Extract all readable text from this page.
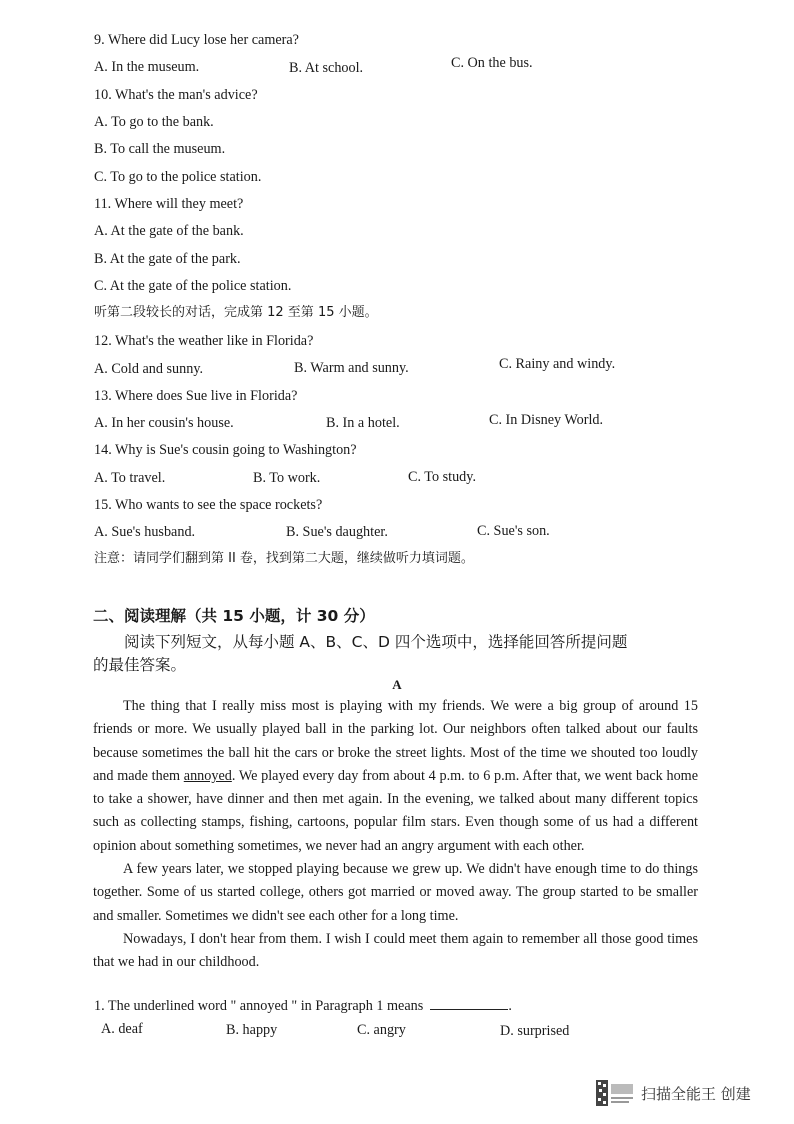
9. Where did Lucy lose her camera?
A. In the museum.	B. At school.	C. On the bus.
10. What's the man's advice?
A. To go to the bank.
B. To call the museum.
C. To go to the police station.
11. Where will they meet?
A. At the gate of the bank.
B. At the gate of the park.
C. At the gate of the police station.
听第二段较长的对话，完成第 12 至第 15 小题。
12. What's the weather like in Florida?
A. Cold and sunny.	B. Warm and sunny.	C. Rainy and windy.
13. Where does Sue live in Florida?
A. In her cousin's house.	B. In a hotel.	C. In Disney World.
14. Why is Sue's cousin going to Washington?
A. To travel.	B. To work.	C. To study.
15. Who wants to see the space rockets?
A. Sue's husband.	B. Sue's daughter.	C. Sue's son.
注意：请同学们翻到第 II 卷，找到第二大题，继续做听力填词题。
二、阅读理解（共 15 小题，计 30 分）
阅读下列短文，从每小题 A、B、C、D 四个选项中，选择能回答所提问题
的最佳答案。
A

The thing that I really miss most is playing with my friends. We were a big group of around 15 friends or more. We usually played ball in the parking lot. Our neighbors often talked about our faults because sometimes the ball hit the cars or broke the street lights. Most of the time we shouted too loudly and made them annoyed. We played every day from about 4 p.m. to 6 p.m. After that, we went back home to take a shower, have dinner and then met again. In the evening, we talked about many different topics such as collecting stamps, fishing, cartoons, popular film stars. Even though some of us had a different opinion about something sometimes, we never had an angry argument with each other.

A few years later, we stopped playing because we grew up. We didn't have enough time to do things together. Some of us started college, others got married or moved away. The group started to be smaller and smaller. Sometimes we didn't see each other for a long time.

Nowadays, I don't hear from them. I wish I could meet them again to remember all those good times that we had in our childhood.

1. The underlined word " annoyed " in Paragraph 1 means	.
A. deaf	B. happy	C. angry	D. surprised
扫描全能王 创建
